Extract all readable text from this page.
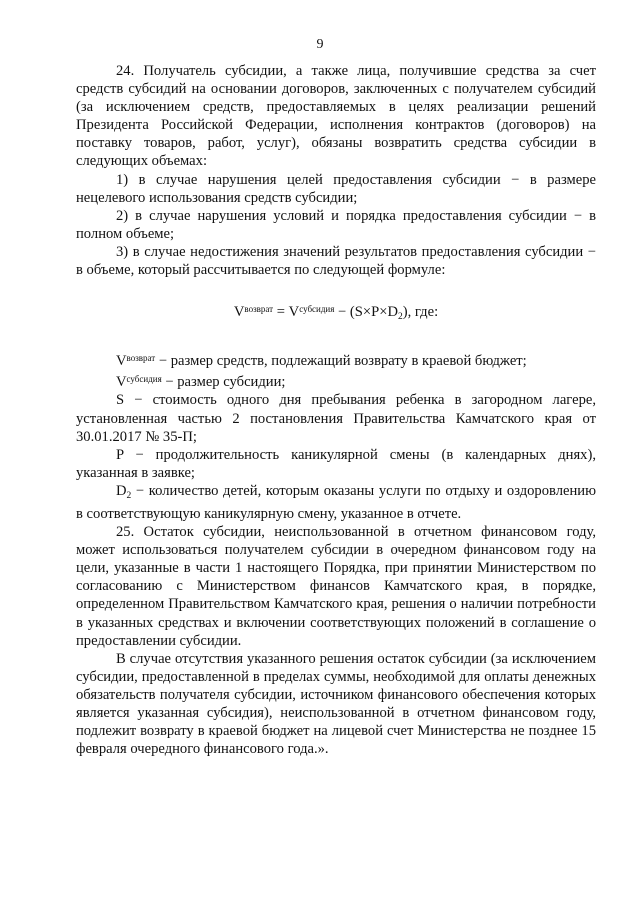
9

24. Получатель субсидии, а также лица, получившие средства за счет средств субсидий на основании договоров, заключенных с получателем субсидий (за исключением средств, предоставляемых в целях реализации решений Президента Российской Федерации, исполнения контрактов (договоров) на поставку товаров, работ, услуг), обязаны возвратить средства субсидии в следующих объемах:

1) в случае нарушения целей предоставления субсидии − в размере нецелевого использования средств субсидии;

2) в случае нарушения условий и порядка предоставления субсидии − в полном объеме;

3) в случае недостижения значений результатов предоставления субсидии − в объеме, который рассчитывается по следующей формуле:

$V^{возврат} = V^{субсидия} - (S\times P\times D_2)$, где:

$V^{возврат}$ − размер средств, подлежащий возврату в краевой бюджет;

$V^{субсидия}$ − размер субсидии;

S − стоимость одного дня пребывания ребенка в загородном лагере, установленная частью 2 постановления Правительства Камчатского края от 30.01.2017 № 35-П;

P − продолжительность каникулярной смены (в календарных днях), указанная в заявке;

$D_2$ − количество детей, которым оказаны услуги по отдыху и оздоровлению в соответствующую каникулярную смену, указанное в отчете.

25. Остаток субсидии, неиспользованной в отчетном финансовом году, может использоваться получателем субсидии в очередном финансовом году на цели, указанные в части 1 настоящего Порядка, при принятии Министерством по согласованию с Министерством финансов Камчатского края, в порядке, определенном Правительством Камчатского края, решения о наличии потребности в указанных средствах и включении соответствующих положений в соглашение о предоставлении субсидии.

В случае отсутствия указанного решения остаток субсидии (за исключением субсидии, предоставленной в пределах суммы, необходимой для оплаты денежных обязательств получателя субсидии, источником финансового обеспечения которых является указанная субсидия), неиспользованной в отчетном финансовом году, подлежит возврату в краевой бюджет на лицевой счет Министерства не позднее 15 февраля очередного финансового года.».
